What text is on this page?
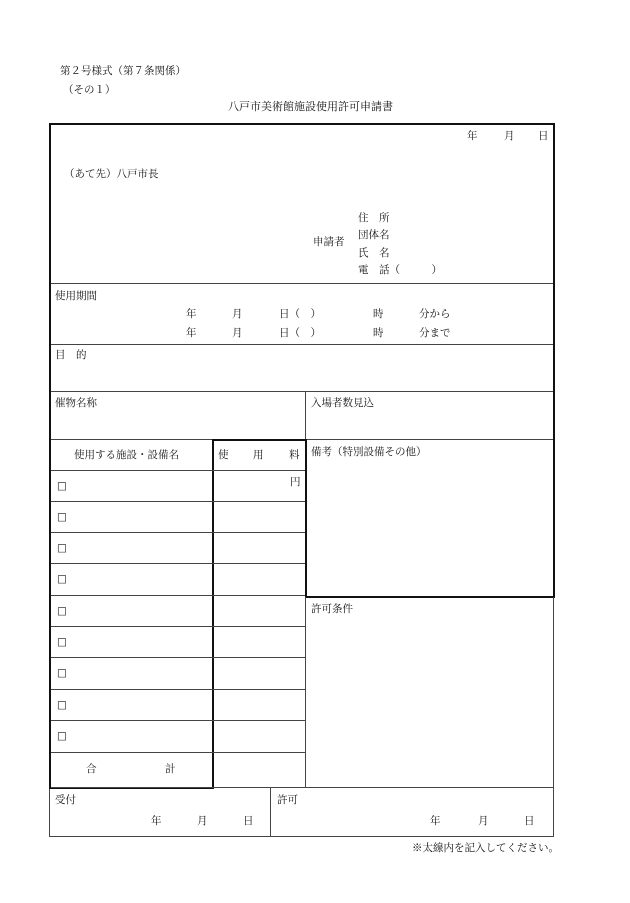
第２号様式（第７条関係）
（その１）
八戸市美術館施設使用許可申請書
年	月 日
（あて先）八戸市長
申請者
住　所
団体名
氏　名
電　話（　　　）
使用期間
年	月	日（　）	時	分から
年	月	日（　）	時	分まで
目　的
催物名称	入場者数見込
使用する施設・設備名	使 用 料
円
備考（特別設備その他）
□
□
□
□
□
□
□
□
□
合	計
許可条件
受付
年	月	日
許可
年	月	日
※太線内を記入してください。
